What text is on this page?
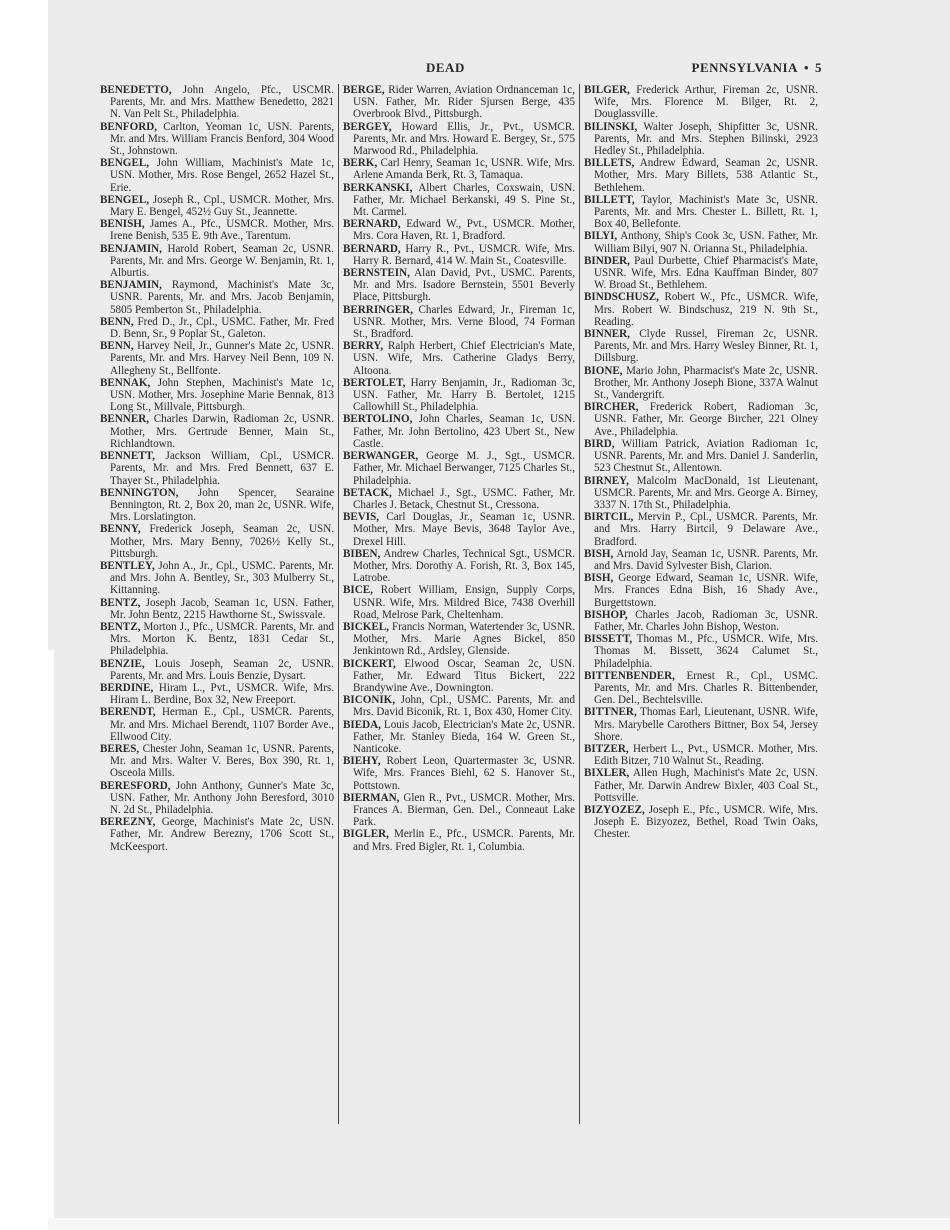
DEAD	PENNSYLVANIA • 5

BENEDETTO, John Angelo, Pfc., USCMR. Parents, Mr. and Mrs. Matthew Benedetto, 2821 N. Van Pelt St., Philadelphia.

BENFORD, Carlton, Yeoman 1c, USN. Parents, Mr. and Mrs. William Francis Benford, 304 Wood St., Johnstown.

BENGEL, John William, Machinist's Mate 1c, USN. Mother, Mrs. Rose Bengel, 2652 Hazel St., Erie.

BENGEL, Joseph R., Cpl., USMCR. Mother, Mrs. Mary E. Bengel, 452½ Guy St., Jeannette.

BENISH, James A., Pfc., USMCR. Mother, Mrs. Irene Benish, 535 E. 9th Ave., Tarentum.

BENJAMIN, Harold Robert, Seaman 2c, USNR. Parents, Mr. and Mrs. George W. Benjamin, Rt. 1, Alburtis.

BENJAMIN, Raymond, Machinist's Mate 3c, USNR. Parents, Mr. and Mrs. Jacob Benjamin, 5805 Pemberton St., Philadelphia.

BENN, Fred D., Jr., Cpl., USMC. Father, Mr. Fred D. Benn, Sr., 9 Poplar St., Galeton.

BENN, Harvey Neil, Jr., Gunner's Mate 2c, USNR. Parents, Mr. and Mrs. Harvey Neil Benn, 109 N. Allegheny St., Bellfonte.

BENNAK, John Stephen, Machinist's Mate 1c, USN. Mother, Mrs. Josephine Marie Bennak, 813 Long St., Millvale, Pittsburgh.

BENNER, Charles Darwin, Radioman 2c, USNR. Mother, Mrs. Gertrude Benner, Main St., Richlandtown.

BENNETT, Jackson William, Cpl., USMCR. Parents, Mr. and Mrs. Fred Bennett, 637 E. Thayer St., Philadelphia.

BENNINGTON, John Spencer, Searaine Bennington, Rt. 2, Box 20, man 2c, USNR. Wife, Mrs. Lorslatington.

BENNY, Frederick Joseph, Seaman 2c, USN. Mother, Mrs. Mary Benny, 7026½ Kelly St., Pittsburgh.

BENTLEY, John A., Jr., Cpl., USMC. Parents, Mr. and Mrs. John A. Bentley, Sr., 303 Mulberry St., Kittanning.

BENTZ, Joseph Jacob, Seaman 1c, USN. Father, Mr. John Bentz, 2215 Hawthorne St., Swissvale.

BENTZ, Morton J., Pfc., USMCR. Parents, Mr. and Mrs. Morton K. Bentz, 1831 Cedar St., Philadelphia.

BENZIE, Louis Joseph, Seaman 2c, USNR. Parents, Mr. and Mrs. Louis Benzie, Dysart.

BERDINE, Hiram L., Pvt., USMCR. Wife, Mrs. Hiram L. Berdine, Box 32, New Freeport.

BERENDT, Herman E., Cpl., USMCR. Parents, Mr. and Mrs. Michael Berendt, 1107 Border Ave., Ellwood City.

BERES, Chester John, Seaman 1c, USNR. Parents, Mr. and Mrs. Walter V. Beres, Box 390, Rt. 1, Osceola Mills.

BERESFORD, John Anthony, Gunner's Mate 3c, USN. Father, Mr. Anthony John Beresford, 3010 N. 2d St., Philadelphia.

BEREZNY, George, Machinist's Mate 2c, USN. Father, Mr. Andrew Berezny, 1706 Scott St., McKeesport.

BERGE, Rider Warren, Aviation Ordnanceman 1c, USN. Father, Mr. Rider Sjursen Berge, 435 Overbrook Blvd., Pittsburgh.

BERGEY, Howard Ellis, Jr., Pvt., USMCR. Parents, Mr. and Mrs. Howard E. Bergey, Sr., 575 Marwood Rd., Philadelphia.

BERK, Carl Henry, Seaman 1c, USNR. Wife, Mrs. Arlene Amanda Berk, Rt. 3, Tamaqua.

BERKANSKI, Albert Charles, Coxswain, USN. Father, Mr. Michael Berkanski, 49 S. Pine St., Mt. Carmel.

BERNARD, Edward W., Pvt., USMCR. Mother, Mrs. Cora Haven, Rt. 1, Bradford.

BERNARD, Harry R., Pvt., USMCR. Wife, Mrs. Harry R. Bernard, 414 W. Main St., Coatesville.

BERNSTEIN, Alan David, Pvt., USMC. Parents, Mr. and Mrs. Isadore Bernstein, 5501 Beverly Place, Pittsburgh.

BERRINGER, Charles Edward, Jr., Fireman 1c, USNR. Mother, Mrs. Verne Blood, 74 Forman St., Bradford.

BERRY, Ralph Herbert, Chief Electrician's Mate, USN. Wife, Mrs. Catherine Gladys Berry, Altoona.

BERTOLET, Harry Benjamin, Jr., Radioman 3c, USN. Father, Mr. Harry B. Bertolet, 1215 Callowhill St., Philadelphia.

BERTOLINO, John Charles, Seaman 1c, USN. Father, Mr. John Bertolino, 423 Ubert St., New Castle.

BERWANGER, George M. J., Sgt., USMCR. Father, Mr. Michael Berwanger, 7125 Charles St., Philadelphia.

BETACK, Michael J., Sgt., USMC. Father, Mr. Charles J. Betack, Chestnut St., Cressona.

BEVIS, Carl Douglas, Jr., Seaman 1c, USNR. Mother, Mrs. Maye Bevis, 3648 Taylor Ave., Drexel Hill.

BIBEN, Andrew Charles, Technical Sgt., USMCR. Mother, Mrs. Dorothy A. Forish, Rt. 3, Box 145, Latrobe.

BICE, Robert William, Ensign, Supply Corps, USNR. Wife, Mrs. Mildred Bice, 7438 Overhill Road, Melrose Park, Cheltenham.

BICKEL, Francis Norman, Watertender 3c, USNR. Mother, Mrs. Marie Agnes Bickel, 850 Jenkintown Rd., Ardsley, Glenside.

BICKERT, Elwood Oscar, Seaman 2c, USN. Father, Mr. Edward Titus Bickert, 222 Brandywine Ave., Downington.

BICONIK, John, Cpl., USMC. Parents, Mr. and Mrs. David Biconik, Rt. 1, Box 430, Homer City.

BIEDA, Louis Jacob, Electrician's Mate 2c, USNR. Father, Mr. Stanley Bieda, 164 W. Green St., Nanticoke.

BIEHY, Robert Leon, Quartermaster 3c, USNR. Wife, Mrs. Frances Biehl, 62 S. Hanover St., Pottstown.

BIERMAN, Glen R., Pvt., USMCR. Mother, Mrs. Frances A. Bierman, Gen. Del., Conneaut Lake Park.

BIGLER, Merlin E., Pfc., USMCR. Parents, Mr. and Mrs. Fred Bigler, Rt. 1, Columbia.

BILGER, Frederick Arthur, Fireman 2c, USNR. Wife, Mrs. Florence M. Bilger, Rt. 2, Douglassville.

BILINSKI, Walter Joseph, Shipfitter 3c, USNR. Parents, Mr. and Mrs. Stephen Bilinski, 2923 Hedley St., Philadelphia.

BILLETS, Andrew Edward, Seaman 2c, USNR. Mother, Mrs. Mary Billets, 538 Atlantic St., Bethlehem.

BILLETT, Taylor, Machinist's Mate 3c, USNR. Parents, Mr. and Mrs. Chester L. Billett, Rt. 1, Box 40, Bellefonte.

BILYI, Anthony, Ship's Cook 3c, USN. Father, Mr. William Bilyi, 907 N. Orianna St., Philadelphia.

BINDER, Paul Durbette, Chief Pharmacist's Mate, USNR. Wife, Mrs. Edna Kauffman Binder, 807 W. Broad St., Bethlehem.

BINDSCHUSZ, Robert W., Pfc., USMCR. Wife, Mrs. Robert W. Bindschusz, 219 N. 9th St., Reading.

BINNER, Clyde Russel, Fireman 2c, USNR. Parents, Mr. and Mrs. Harry Wesley Binner, Rt. 1, Dillsburg.

BIONE, Mario John, Pharmacist's Mate 2c, USNR. Brother, Mr. Anthony Joseph Bione, 337A Walnut St., Vandergrift.

BIRCHER, Frederick Robert, Radioman 3c, USNR. Father, Mr. George Bircher, 221 Olney Ave., Philadelphia.

BIRD, William Patrick, Aviation Radioman 1c, USNR. Parents, Mr. and Mrs. Daniel J. Sanderlin, 523 Chestnut St., Allentown.

BIRNEY, Malcolm MacDonald, 1st Lieutenant, USMCR. Parents, Mr. and Mrs. George A. Birney, 3337 N. 17th St., Philadelphia.

BIRTCIL, Mervin P., Cpl., USMCR. Parents, Mr. and Mrs. Harry Birtcil, 9 Delaware Ave., Bradford.

BISH, Arnold Jay, Seaman 1c, USNR. Parents, Mr. and Mrs. David Sylvester Bish, Clarion.

BISH, George Edward, Seaman 1c, USNR. Wife, Mrs. Frances Edna Bish, 16 Shady Ave., Burgettstown.

BISHOP, Charles Jacob, Radioman 3c, USNR. Father, Mr. Charles John Bishop, Weston.

BISSETT, Thomas M., Pfc., USMCR. Wife, Mrs. Thomas M. Bissett, 3624 Calumet St., Philadelphia.

BITTENBENDER, Ernest R., Cpl., USMC. Parents, Mr. and Mrs. Charles R. Bittenbender, Gen. Del., Bechtelsville.

BITTNER, Thomas Earl, Lieutenant, USNR. Wife, Mrs. Marybelle Carothers Bittner, Box 54, Jersey Shore.

BITZER, Herbert L., Pvt., USMCR. Mother, Mrs. Edith Bitzer, 710 Walnut St., Reading.

BIXLER, Allen Hugh, Machinist's Mate 2c, USN. Father, Mr. Darwin Andrew Bixler, 403 Coal St., Pottsville.

BIZYOZEZ, Joseph E., Pfc., USMCR. Wife, Mrs. Joseph E. Bizyozez, Bethel, Road Twin Oaks, Chester.
